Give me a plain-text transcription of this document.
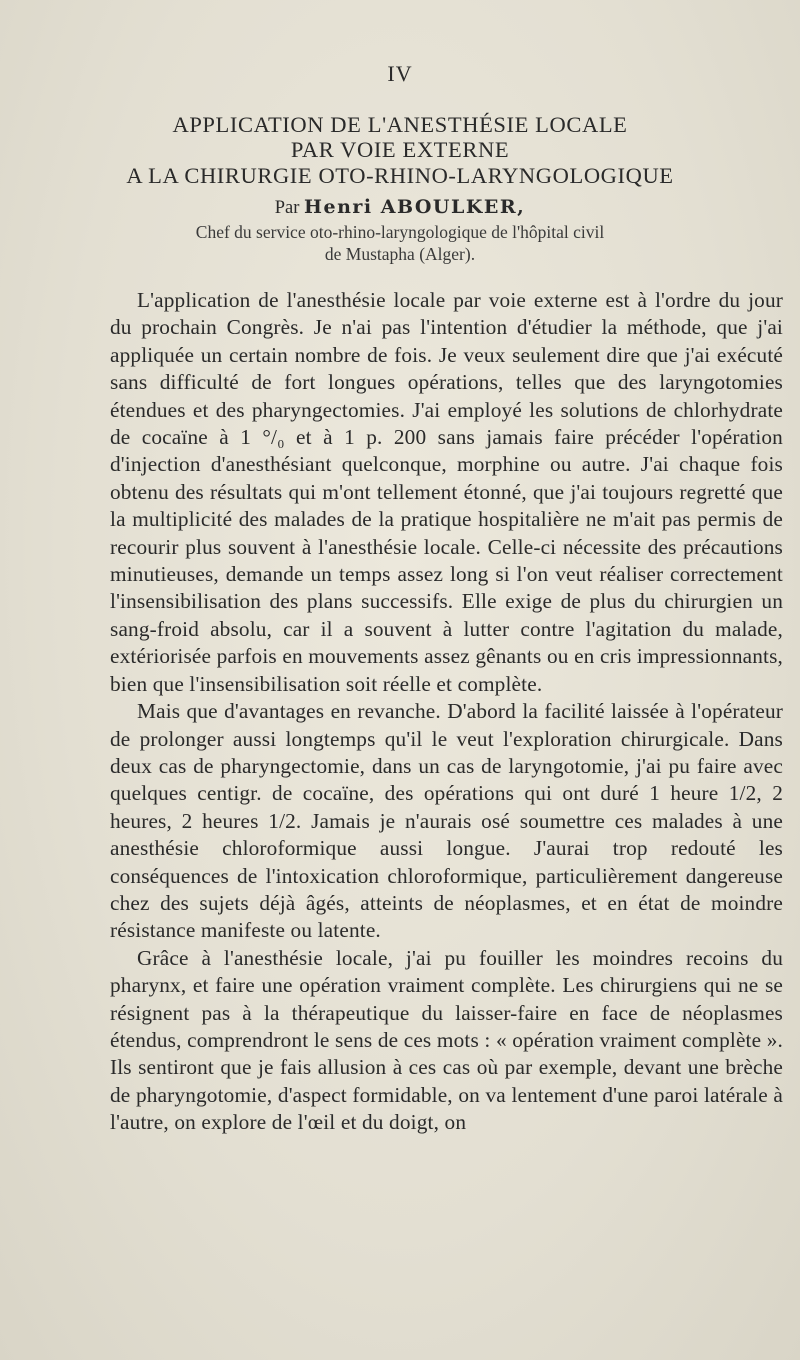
IV
APPLICATION DE L'ANESTHÉSIE LOCALE
PAR VOIE EXTERNE
A LA CHIRURGIE OTO-RHINO-LARYNGOLOGIQUE
Par Henri ABOULKER,
Chef du service oto-rhino-laryngologique de l'hôpital civil
de Mustapha (Alger).

L'application de l'anesthésie locale par voie externe est à l'ordre du jour du prochain Congrès. Je n'ai pas l'intention d'étudier la méthode, que j'ai appliquée un certain nombre de fois. Je veux seulement dire que j'ai exécuté sans difficulté de fort longues opérations, telles que des laryngotomies étendues et des pharyngectomies. J'ai employé les solutions de chlorhydrate de cocaïne à 1 °/₀ et à 1 p. 200 sans jamais faire précéder l'opération d'injection d'anesthésiant quelconque, morphine ou autre. J'ai chaque fois obtenu des résultats qui m'ont tellement étonné, que j'ai toujours regretté que la multiplicité des malades de la pratique hospitalière ne m'ait pas permis de recourir plus souvent à l'anesthésie locale. Celle-ci nécessite des précautions minutieuses, demande un temps assez long si l'on veut réaliser correctement l'insensibilisation des plans successifs. Elle exige de plus du chirurgien un sang-froid absolu, car il a souvent à lutter contre l'agitation du malade, extériorisée parfois en mouvements assez gênants ou en cris impressionnants, bien que l'insensibilisation soit réelle et complète.

Mais que d'avantages en revanche. D'abord la facilité laissée à l'opérateur de prolonger aussi longtemps qu'il le veut l'exploration chirurgicale. Dans deux cas de pharyngectomie, dans un cas de laryngotomie, j'ai pu faire avec quelques centigr. de cocaïne, des opérations qui ont duré 1 heure 1/2, 2 heures, 2 heures 1/2. Jamais je n'aurais osé soumettre ces malades à une anesthésie chloroformique aussi longue. J'aurai trop redouté les conséquences de l'intoxication chloroformique, particulièrement dangereuse chez des sujets déjà âgés, atteints de néoplasmes, et en état de moindre résistance manifeste ou latente.

Grâce à l'anesthésie locale, j'ai pu fouiller les moindres recoins du pharynx, et faire une opération vraiment complète. Les chirurgiens qui ne se résignent pas à la thérapeutique du laisser-faire en face de néoplasmes étendus, comprendront le sens de ces mots : « opération vraiment complète ». Ils sentiront que je fais allusion à ces cas où par exemple, devant une brèche de pharyngotomie, d'aspect formidable, on va lentement d'une paroi latérale à l'autre, on explore de l'œil et du doigt, on
